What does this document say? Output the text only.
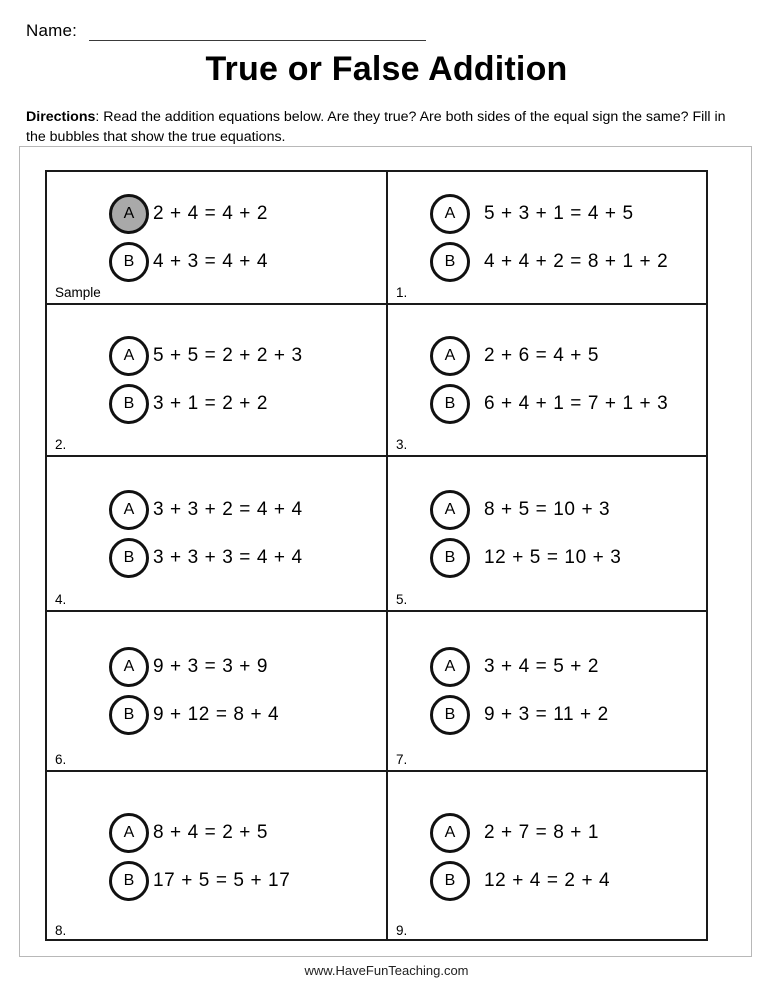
Name:
True or False Addition
Directions: Read the addition equations below. Are they true? Are both sides of the equal sign the same? Fill in the bubbles that show the true equations.
A 2 + 4 = 4 + 2
B 4 + 3 = 4 + 4
Sample
A	5 + 3 + 1 = 4 + 5
B	4 + 4 + 2 = 8 + 1 + 2
1.
A 5 + 5 = 2 + 2 + 3
B 3 + 1 = 2 + 2
2.
A	2 + 6 = 4 + 5
B	6 + 4 + 1 = 7 + 1 + 3
3.
A 3 + 3 + 2 = 4 + 4
B 3 + 3 + 3 = 4 + 4
4.
A	8 + 5 = 10 + 3
B	12 + 5 = 10 + 3
5.
A 9 + 3 = 3 + 9
B 9 + 12 = 8 + 4
6.
A	3 + 4 = 5 + 2
B	9 + 3 = 11 + 2
7.
A 8 + 4 = 2 + 5
B 17 + 5 = 5 + 17
8.
A	2 + 7 = 8 + 1
B	12 + 4 = 2 + 4
9.
www.HaveFunTeaching.com
